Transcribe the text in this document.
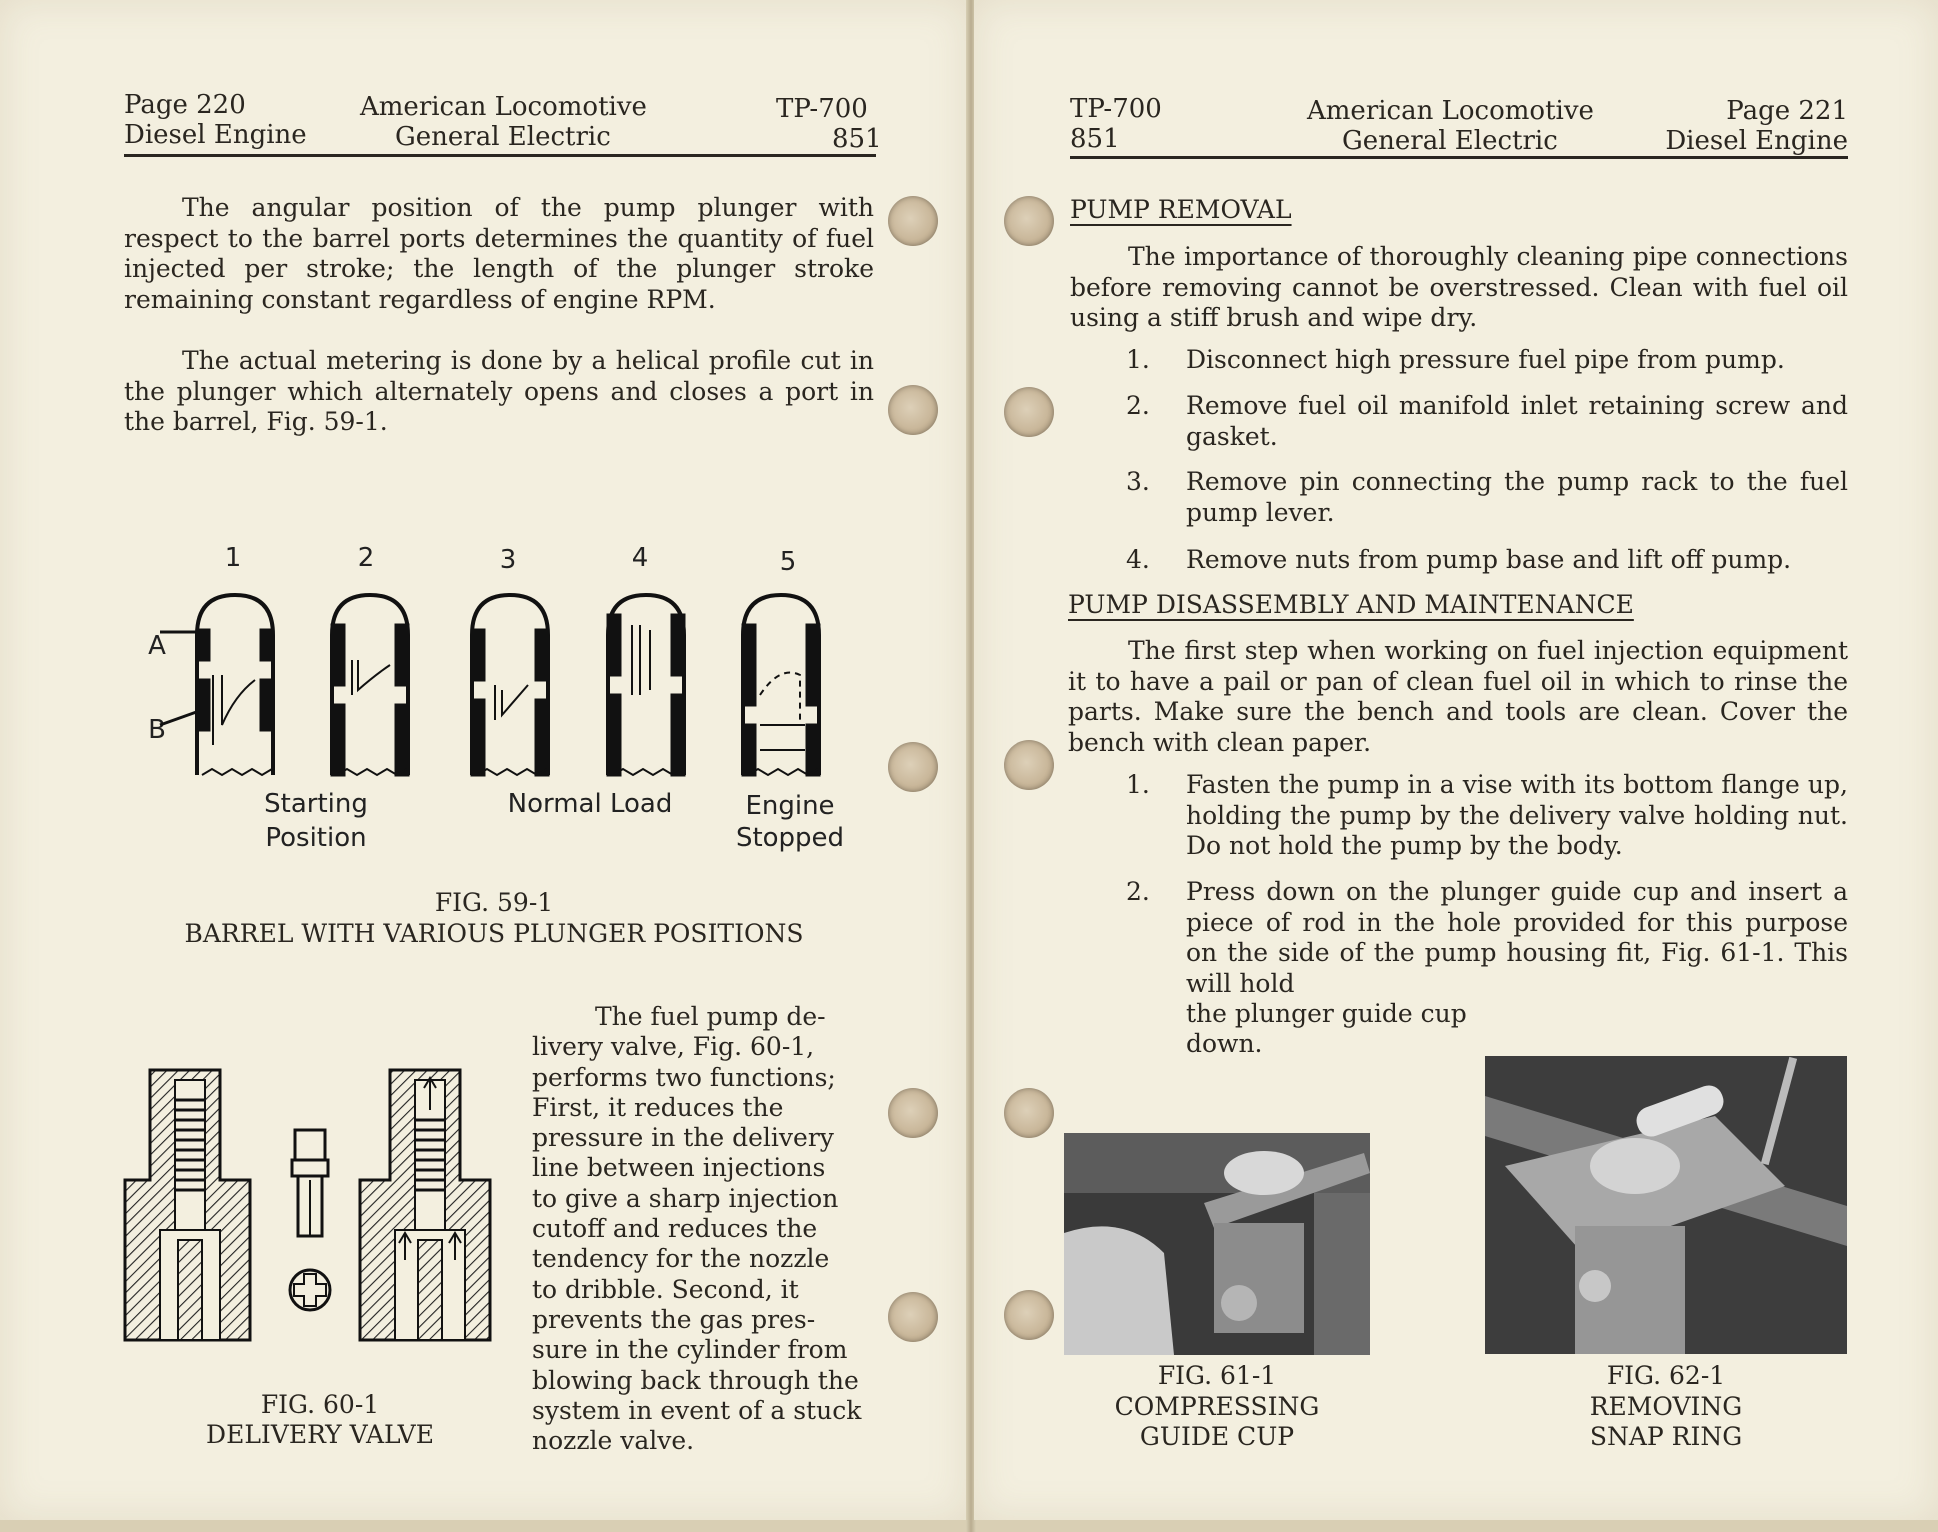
Page 220
Diesel Engine
American Locomotive
General Electric
TP-700
851
The angular position of the pump plunger with respect to the barrel ports determines the quantity of fuel injected per stroke; the length of the plunger stroke remaining constant regardless of engine RPM.
The actual metering is done by a helical profile cut in the plunger which alternately opens and closes a port in the barrel, Fig. 59-1.
1	2	3	4	5
A
B
Starting
Position
Normal Load	Engine
Stopped
FIG. 59-1
BARREL WITH VARIOUS PLUNGER POSITIONS
FIG. 60-1
DELIVERY VALVE
The fuel pump de-
livery valve, Fig. 60-1,
performs two functions;
First, it reduces the
pressure in the delivery
line between injections
to give a sharp injection
cutoff and reduces the
tendency for the nozzle
to dribble. Second, it
prevents the gas pres-
sure in the cylinder from
blowing back through the
system in event of a stuck
nozzle valve.
TP-700
851
American Locomotive
General Electric
Page 221
Diesel Engine
PUMP REMOVAL
The importance of thoroughly cleaning pipe connections before removing cannot be overstressed. Clean with fuel oil using a stiff brush and wipe dry.
1.	Disconnect high pressure fuel pipe from pump.
2.	Remove fuel oil manifold inlet retaining screw and gasket.
3.	Remove pin connecting the pump rack to the fuel pump lever.
4.	Remove nuts from pump base and lift off pump.
PUMP DISASSEMBLY AND MAINTENANCE
The first step when working on fuel injection equipment it to have a pail or pan of clean fuel oil in which to rinse the parts. Make sure the bench and tools are clean. Cover the bench with clean paper.
1.	Fasten the pump in a vise with its bottom flange up, holding the pump by the delivery valve holding nut. Do not hold the pump by the body.
2.	Press down on the plunger guide cup and insert a piece of rod in the hole provided for this purpose on the side of the pump housing fit, Fig. 61-1. This will hold
the plunger guide cup
down.
FIG. 61-1
COMPRESSING
GUIDE CUP
FIG. 62-1
REMOVING
SNAP RING
